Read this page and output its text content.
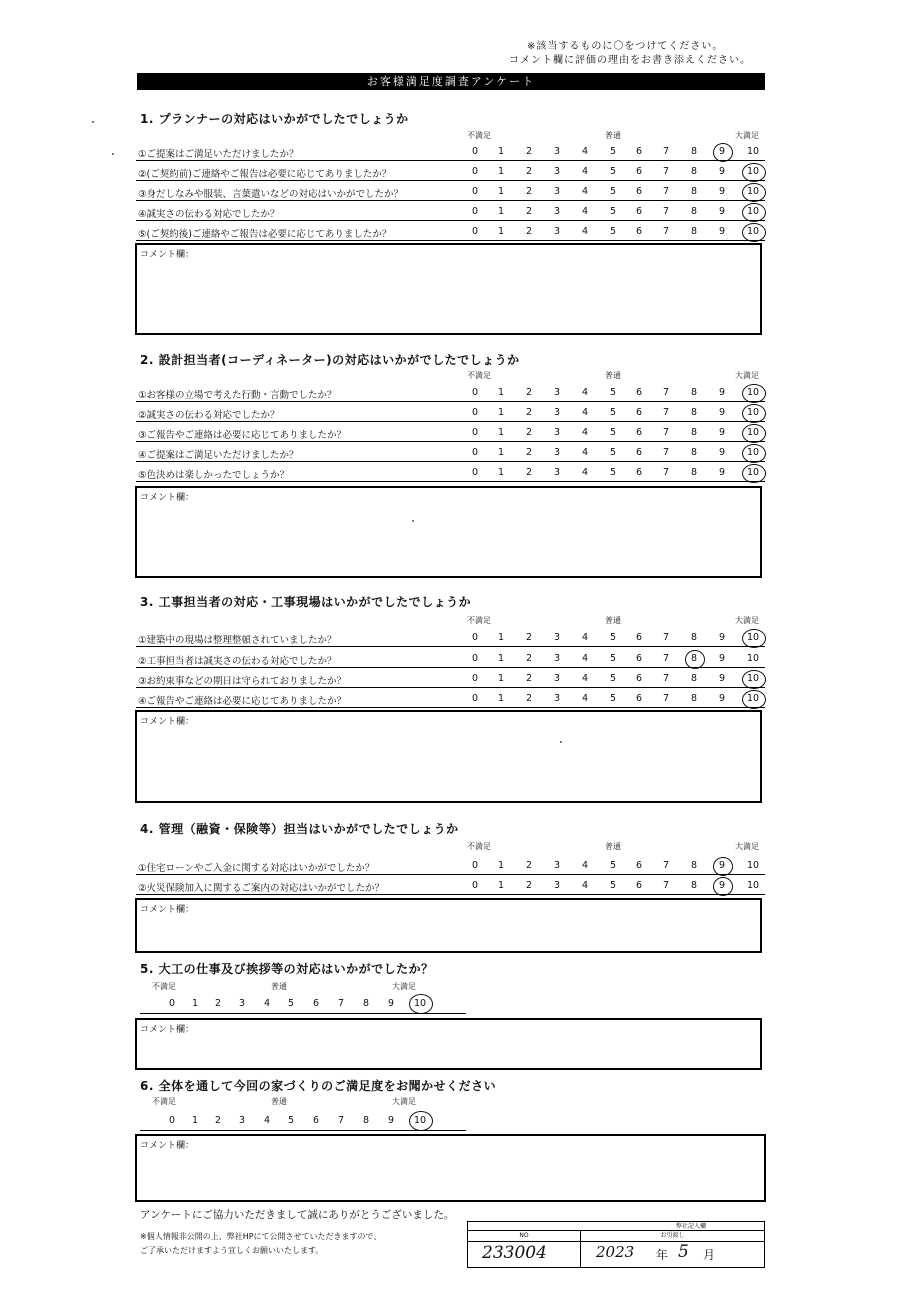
※該当するものに〇をつけてください。
コメント欄に評価の理由をお書き添えください。
お客様満足度調査アンケート
1. プランナーの対応はいかがでしたでしょうか
不満足	普通	大満足
①ご提案はご満足いただけましたか？	0	1	2	3	4	5	6	7	8	9	10
②(ご契約前)ご連絡やご報告は必要に応じてありましたか？	0	1	2	3	4	5	6	7	8	9	10
③身だしなみや服装、言葉遣いなどの対応はいかがでしたか？	0	1	2	3	4	5	6	7	8	9	10
④誠実さの伝わる対応でしたか？	0	1	2	3	4	5	6	7	8	9	10
⑤(ご契約後)ご連絡やご報告は必要に応じてありましたか？	0	1	2	3	4	5	6	7	8	9	10
コメント欄：
2. 設計担当者(コーディネーター)の対応はいかがでしたでしょうか
不満足	普通	大満足
①お客様の立場で考えた行動・言動でしたか？	0	1	2	3	4	5	6	7	8	9	10
②誠実さの伝わる対応でしたか？	0	1	2	3	4	5	6	7	8	9	10
③ご報告やご連絡は必要に応じてありましたか？	0	1	2	3	4	5	6	7	8	9	10
④ご提案はご満足いただけましたか？	0	1	2	3	4	5	6	7	8	9	10
⑤色決めは楽しかったでしょうか？	0	1	2	3	4	5	6	7	8	9	10
コメント欄：
3. 工事担当者の対応・工事現場はいかがでしたでしょうか
不満足	普通	大満足
①建築中の現場は整理整頓されていましたか？	0	1	2	3	4	5	6	7	8	9	10
②工事担当者は誠実さの伝わる対応でしたか？	0	1	2	3	4	5	6	7	8	9	10
③お約束事などの期日は守られておりましたか？	0	1	2	3	4	5	6	7	8	9	10
④ご報告やご連絡は必要に応じてありましたか？	0	1	2	3	4	5	6	7	8	9	10
コメント欄：
4. 管理（融資・保険等）担当はいかがでしたでしょうか
不満足	普通	大満足
①住宅ローンやご入金に関する対応はいかがでしたか？	0	1	2	3	4	5	6	7	8	9	10
②火災保険加入に関するご案内の対応はいかがでしたか？	0	1	2	3	4	5	6	7	8	9	10
コメント欄：
5. 大工の仕事及び挨拶等の対応はいかがでしたか？
不満足	普通	大満足
0	1	2	3	4	5	6	7	8	9	10
コメント欄：
6. 全体を通して今回の家づくりのご満足度をお聞かせください
不満足	普通	大満足
0	1	2	3	4	5	6	7	8	9	10
コメント欄：
アンケートにご協力いただきまして誠にありがとうございました。
※個人情報非公開の上、弊社HPにて公開させていただきますので、
ご了承いただけますよう宜しくお願いいたします。
弊社記入欄
NO	お引渡し
233004	2023 年 5 月
